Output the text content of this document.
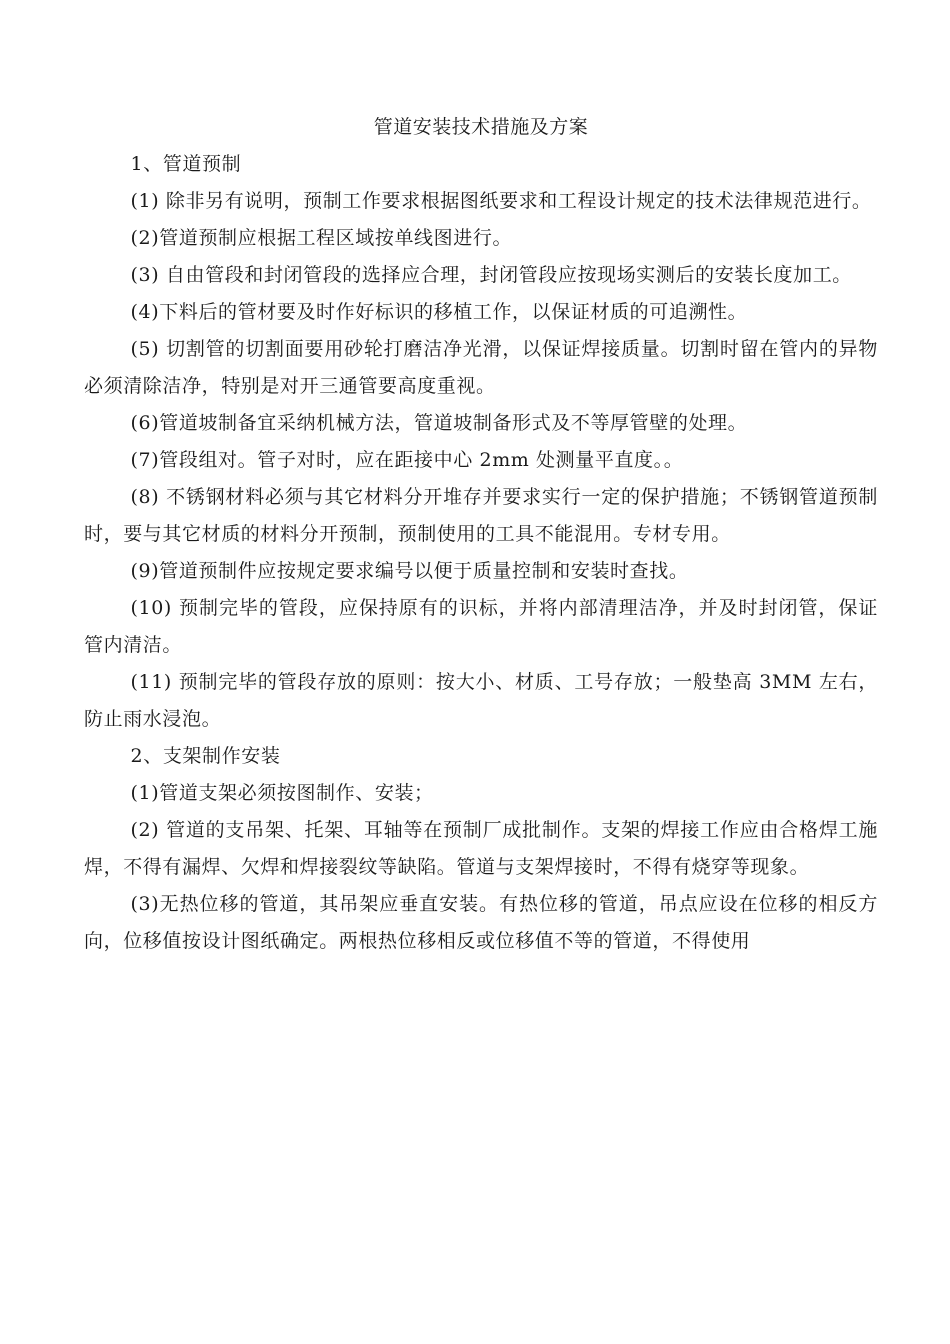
管道安装技术措施及方案

1、管道预制

(1) 除非另有说明，预制工作要求根据图纸要求和工程设计规定的技术法律规范进行。

(2)管道预制应根据工程区域按单线图进行。

(3) 自由管段和封闭管段的选择应合理，封闭管段应按现场实测后的安装长度加工。

(4)下料后的管材要及时作好标识的移植工作，以保证材质的可追溯性。

(5) 切割管的切割面要用砂轮打磨洁净光滑，以保证焊接质量。切割时留在管内的异物必须清除洁净，特别是对开三通管要高度重视。

(6)管道坡制备宜采纳机械方法，管道坡制备形式及不等厚管壁的处理。

(7)管段组对。管子对时，应在距接中心 2mm 处测量平直度。。

(8) 不锈钢材料必须与其它材料分开堆存并要求实行一定的保护措施；不锈钢管道预制时，要与其它材质的材料分开预制，预制使用的工具不能混用。专材专用。

(9)管道预制件应按规定要求编号以便于质量控制和安装时查找。

(10) 预制完毕的管段，应保持原有的识标，并将内部清理洁净，并及时封闭管，保证管内清洁。

(11) 预制完毕的管段存放的原则：按大小、材质、工号存放；一般垫高 3MM 左右，防止雨水浸泡。

2、支架制作安装

(1)管道支架必须按图制作、安装；

(2) 管道的支吊架、托架、耳轴等在预制厂成批制作。支架的焊接工作应由合格焊工施焊，不得有漏焊、欠焊和焊接裂纹等缺陷。管道与支架焊接时，不得有烧穿等现象。

(3)无热位移的管道，其吊架应垂直安装。有热位移的管道，吊点应设在位移的相反方向，位移值按设计图纸确定。两根热位移相反或位移值不等的管道，不得使用
